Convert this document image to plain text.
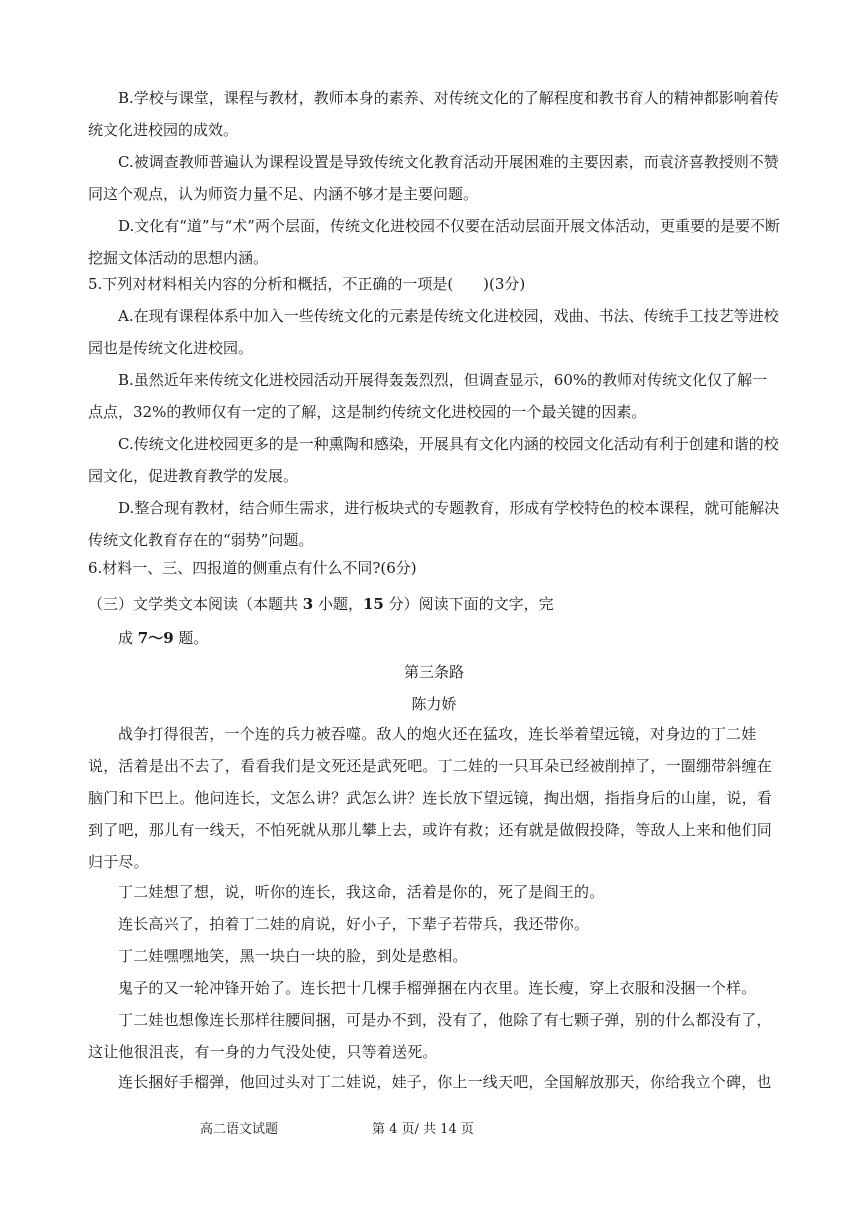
B.学校与课堂，课程与教材，教师本身的素养、对传统文化的了解程度和教书育人的精神都影响着传统文化进校园的成效。

C.被调查教师普遍认为课程设置是导致传统文化教育活动开展困难的主要因素，而袁济喜教授则不赞同这个观点，认为师资力量不足、内涵不够才是主要问题。

D.文化有“道”与“术”两个层面，传统文化进校园不仅要在活动层面开展文体活动，更重要的是要不断挖掘文体活动的思想内涵。

5.下列对材料相关内容的分析和概括，不正确的一项是(　　)(3分)

A.在现有课程体系中加入一些传统文化的元素是传统文化进校园，戏曲、书法、传统手工技艺等进校园也是传统文化进校园。

B.虽然近年来传统文化进校园活动开展得轰轰烈烈，但调查显示，60%的教师对传统文化仅了解一点点，32%的教师仅有一定的了解，这是制约传统文化进校园的一个最关键的因素。

C.传统文化进校园更多的是一种熏陶和感染，开展具有文化内涵的校园文化活动有利于创建和谐的校园文化，促进教育教学的发展。

D.整合现有教材，结合师生需求，进行板块式的专题教育，形成有学校特色的校本课程，就可能解决传统文化教育存在的“弱势”问题。

6.材料一、三、四报道的侧重点有什么不同?(6分)

（三）文学类文本阅读（本题共 3 小题，15 分）阅读下面的文字，完

成 7～9 题。

第三条路

陈力娇

战争打得很苦，一个连的兵力被吞噬。敌人的炮火还在猛攻，连长举着望远镜，对身边的丁二娃说，活着是出不去了，看看我们是文死还是武死吧。丁二娃的一只耳朵已经被削掉了，一圈绷带斜缠在脑门和下巴上。他问连长，文怎么讲？武怎么讲？连长放下望远镜，掏出烟，指指身后的山崖，说，看到了吧，那儿有一线天，不怕死就从那儿攀上去，或许有救；还有就是做假投降，等敌人上来和他们同归于尽。

丁二娃想了想，说，听你的连长，我这命，活着是你的，死了是阎王的。

连长高兴了，拍着丁二娃的肩说，好小子，下辈子若带兵，我还带你。

丁二娃嘿嘿地笑，黑一块白一块的脸，到处是憨相。

鬼子的又一轮冲锋开始了。连长把十几棵手榴弹捆在内衣里。连长瘦，穿上衣服和没捆一个样。

丁二娃也想像连长那样往腰间捆，可是办不到，没有了，他除了有七颗子弹，别的什么都没有了，这让他很沮丧，有一身的力气没处使，只等着送死。

连长捆好手榴弹，他回过头对丁二娃说，娃子，你上一线天吧，全国解放那天，你给我立个碑，也

高二语文试题	第 4 页/ 共 14 页
